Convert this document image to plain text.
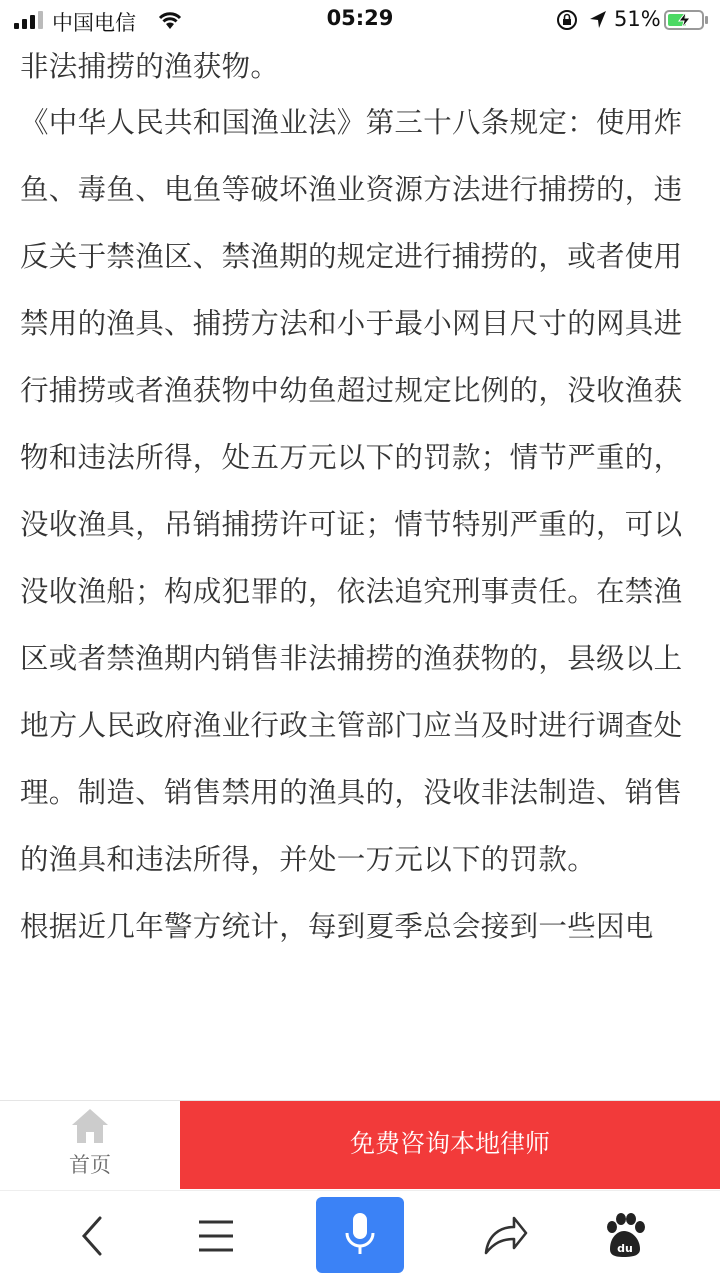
中国电信	05:29	51%

非法捕捞的渔获物。

《中华人民共和国渔业法》第三十八条规定：使用炸鱼、毒鱼、电鱼等破坏渔业资源方法进行捕捞的，违反关于禁渔区、禁渔期的规定进行捕捞的，或者使用禁用的渔具、捕捞方法和小于最小网目尺寸的网具进行捕捞或者渔获物中幼鱼超过规定比例的，没收渔获物和违法所得，处五万元以下的罚款；情节严重的，没收渔具，吊销捕捞许可证；情节特别严重的，可以没收渔船；构成犯罪的，依法追究刑事责任。在禁渔区或者禁渔期内销售非法捕捞的渔获物的，县级以上地方人民政府渔业行政主管部门应当及时进行调查处理。制造、销售禁用的渔具的，没收非法制造、销售的渔具和违法所得，并处一万元以下的罚款。

根据近几年警方统计，每到夏季总会接到一些因电

首页
免费咨询本地律师
du
